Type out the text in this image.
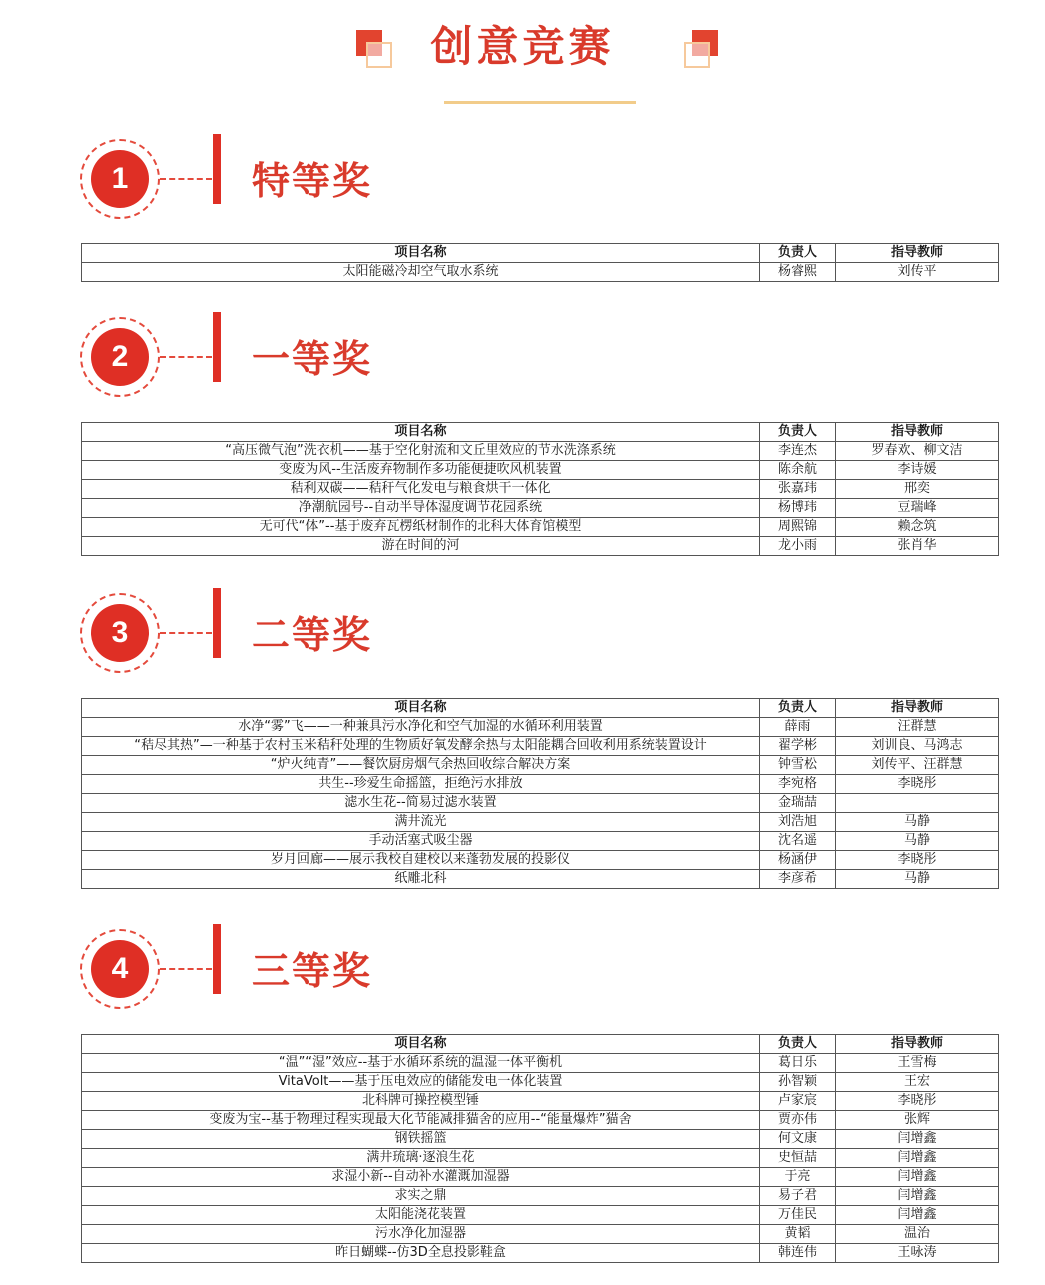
创意竞赛
1	特等奖
项目名称	负责人	指导教师
太阳能磁冷却空气取水系统	杨睿熙	刘传平
2	一等奖
项目名称	负责人	指导教师
“高压微气泡”洗衣机——基于空化射流和文丘里效应的节水洗涤系统	李连杰	罗春欢、柳文洁
变废为风--生活废弃物制作多功能便捷吹风机装置	陈余航	李诗媛
秸利双碳——秸秆气化发电与粮食烘干一体化	张嘉玮	邢奕
净潮航园号--自动半导体湿度调节花园系统	杨博玮	豆瑞峰
无可代“体”--基于废弃瓦楞纸材制作的北科大体育馆模型	周熙锦	赖念筑
游在时间的河	龙小雨	张肖华
3	二等奖
项目名称	负责人	指导教师
水净“雾”飞——一种兼具污水净化和空气加湿的水循环利用装置	薛雨	汪群慧
“秸尽其热”—一种基于农村玉米秸秆处理的生物质好氧发酵余热与太阳能耦合回收利用系统装置设计	翟学彬	刘训良、马鸿志
“炉火纯青”——餐饮厨房烟气余热回收综合解决方案	钟雪松	刘传平、汪群慧
共生--珍爱生命摇篮，拒绝污水排放	李宛格	李晓彤
滤水生花--简易过滤水装置	金瑞喆	
满井流光	刘浩旭	马静
手动活塞式吸尘器	沈名遥	马静
岁月回廊——展示我校自建校以来蓬勃发展的投影仪	杨涵伊	李晓彤
纸雕北科	李彦希	马静
4	三等奖
项目名称	负责人	指导教师
“温”“湿”效应--基于水循环系统的温湿一体平衡机	葛日乐	王雪梅
VitaVolt——基于压电效应的储能发电一体化装置	孙智颖	王宏
北科牌可操控模型锤	卢家宸	李晓彤
变废为宝--基于物理过程实现最大化节能减排猫舍的应用--“能量爆炸”猫舍	贾亦伟	张辉
钢铁摇篮	何文康	闫增鑫
满井琉璃·逐浪生花	史恒喆	闫增鑫
求湿小新--自动补水灌溉加湿器	于亮	闫增鑫
求实之鼎	易子君	闫增鑫
太阳能浇花装置	万佳民	闫增鑫
污水净化加湿器	黄韬	温治
昨日蝴蝶--仿3D全息投影鞋盒	韩连伟	王咏涛
